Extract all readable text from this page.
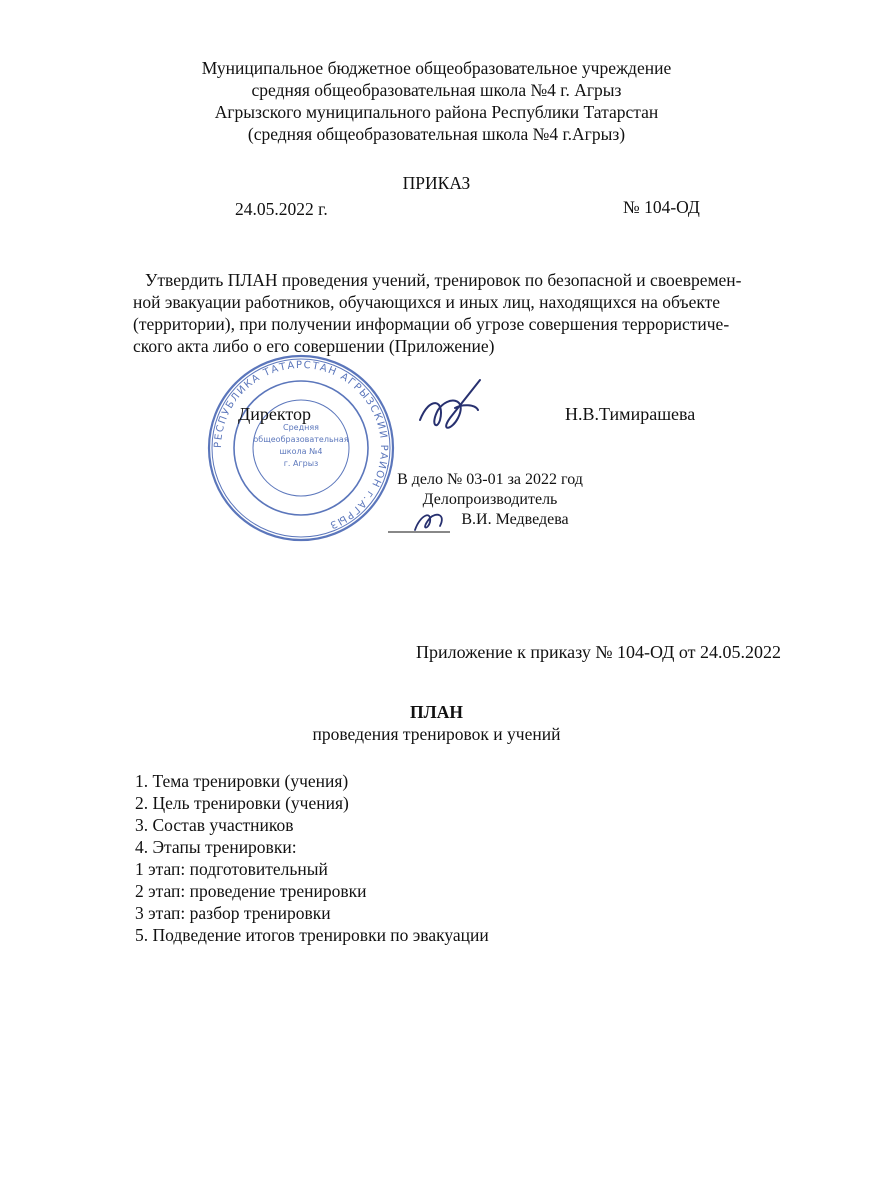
Муниципальное бюджетное общеобразовательное учреждение
средняя общеобразовательная школа №4 г. Агрыз
Агрызского муниципального района Республики Татарстан
(средняя общеобразовательная школа №4 г.Агрыз)
ПРИКАЗ
24.05.2022 г.	№ 104-ОД
Утвердить ПЛАН проведения учений, тренировок по безопасной и своевремен-
ной эвакуации работников, обучающихся и иных лиц, находящихся на объекте
(территории), при получении информации об угрозе совершения террористиче-
ского акта либо о его совершении (Приложение)
РЕСПУБЛИКА ТАТАРСТАН АГРЫЗСКИЙ РАЙОН г.АГРЫЗ
Средняя
общеобразовательная
школа №4
г. Агрыз
Директор	Н.В.Тимирашева
В дело № 03-01 за 2022 год
Делопроизводитель
В.И. Медведева
Приложение к приказу № 104-ОД от 24.05.2022
ПЛАН
проведения тренировок и учений
1. Тема тренировки (учения)
2. Цель тренировки (учения)
3. Состав участников
4. Этапы тренировки:
1 этап: подготовительный
2 этап: проведение тренировки
3 этап: разбор тренировки
5. Подведение итогов тренировки по эвакуации
